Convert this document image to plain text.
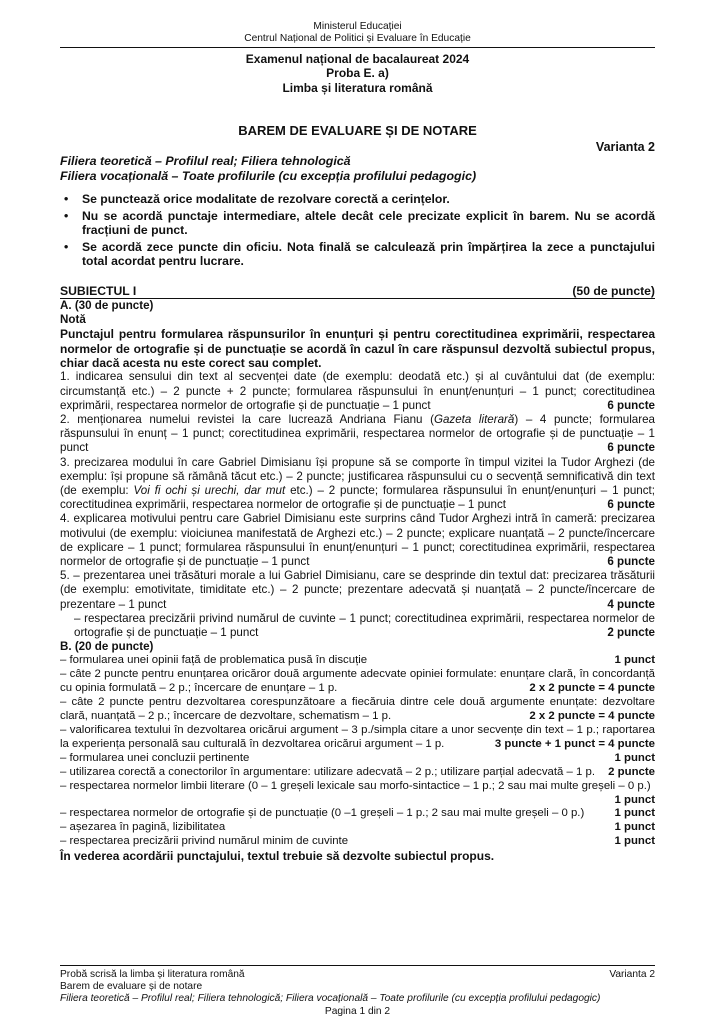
Ministerul Educației
Centrul Național de Politici și Evaluare în Educație
Examenul național de bacalaureat 2024
Proba E. a)
Limba și literatura română
BAREM DE EVALUARE ȘI DE NOTARE
Varianta 2
Filiera teoretică – Profilul real; Filiera tehnologică
Filiera vocațională – Toate profilurile (cu excepția profilului pedagogic)
• Se punctează orice modalitate de rezolvare corectă a cerințelor.
• Nu se acordă punctaje intermediare, altele decât cele precizate explicit în barem. Nu se acordă fracțiuni de punct.
• Se acordă zece puncte din oficiu. Nota finală se calculează prin împărțirea la zece a punctajului total acordat pentru lucrare.
SUBIECTUL I	(50 de puncte)
A. (30 de puncte)
Notă
Punctajul pentru formularea răspunsurilor în enunțuri și pentru corectitudinea exprimării, respectarea normelor de ortografie și de punctuație se acordă în cazul în care răspunsul dezvoltă subiectul propus, chiar dacă acesta nu este corect sau complet.
1. indicarea sensului din text al secvenței date (de exemplu: deodată etc.) și al cuvântului dat (de exemplu: circumstanță etc.) – 2 puncte + 2 puncte; formularea răspunsului în enunț/enunțuri – 1 punct; corectitudinea exprimării, respectarea normelor de ortografie și de punctuație – 1 punct	6 puncte
2. menționarea numelui revistei la care lucrează Andriana Fianu (Gazeta literară) – 4 puncte; formularea răspunsului în enunț – 1 punct; corectitudinea exprimării, respectarea normelor de ortografie și de punctuație – 1 punct	6 puncte
3. precizarea modului în care Gabriel Dimisianu își propune să se comporte în timpul vizitei la Tudor Arghezi (de exemplu: își propune să rămână tăcut etc.) – 2 puncte; justificarea răspunsului cu o secvență semnificativă din text (de exemplu: Voi fi ochi și urechi, dar mut etc.) – 2 puncte; formularea răspunsului în enunț/enunțuri – 1 punct; corectitudinea exprimării, respectarea normelor de ortografie și de punctuație – 1 punct	6 puncte
4. explicarea motivului pentru care Gabriel Dimisianu este surprins când Tudor Arghezi intră în cameră: precizarea motivului (de exemplu: vioiciunea manifestată de Arghezi etc.) – 2 puncte; explicare nuanțată – 2 puncte/încercare de explicare – 1 punct; formularea răspunsului în enunț/enunțuri – 1 punct; corectitudinea exprimării, respectarea normelor de ortografie și de punctuație – 1 punct	6 puncte
5. – prezentarea unei trăsături morale a lui Gabriel Dimisianu, care se desprinde din textul dat: precizarea trăsăturii (de exemplu: emotivitate, timiditate etc.) – 2 puncte; prezentare adecvată și nuanțată – 2 puncte/încercare de prezentare – 1 punct	4 puncte
– respectarea precizării privind numărul de cuvinte – 1 punct; corectitudinea exprimării, respectarea normelor de ortografie și de punctuație – 1 punct	2 puncte
B. (20 de puncte)
– formularea unei opinii față de problematica pusă în discuție	1 punct
– câte 2 puncte pentru enunțarea oricăror două argumente adecvate opiniei formulate: enunțare clară, în concordanță cu opinia formulată – 2 p.; încercare de enunțare – 1 p.	2 x 2 puncte = 4 puncte
– câte 2 puncte pentru dezvoltarea corespunzătoare a fiecăruia dintre cele două argumente enunțate: dezvoltare clară, nuanțată – 2 p.; încercare de dezvoltare, schematism – 1 p.	2 x 2 puncte = 4 puncte
– valorificarea textului în dezvoltarea oricărui argument – 3 p./simpla citare a unor secvențe din text – 1 p.; raportarea la experiența personală sau culturală în dezvoltarea oricărui argument – 1 p.	3 puncte + 1 punct = 4 puncte
– formularea unei concluzii pertinente	1 punct
– utilizarea corectă a conectorilor în argumentare: utilizare adecvată – 2 p.; utilizare parțial adecvată – 1 p.	2 puncte
– respectarea normelor limbii literare (0 – 1 greșeli lexicale sau morfo-sintactice – 1 p.; 2 sau mai multe greșeli – 0 p.)
1 punct
– respectarea normelor de ortografie și de punctuație (0 –1 greșeli – 1 p.; 2 sau mai multe greșeli – 0 p.)	1 punct
– așezarea în pagină, lizibilitatea	1 punct
– respectarea precizării privind numărul minim de cuvinte	1 punct
În vederea acordării punctajului, textul trebuie să dezvolte subiectul propus.
Probă scrisă la limba și literatura română	Varianta 2
Barem de evaluare și de notare
Filiera teoretică – Profilul real; Filiera tehnologică; Filiera vocațională – Toate profilurile (cu excepția profilului pedagogic)
Pagina 1 din 2
